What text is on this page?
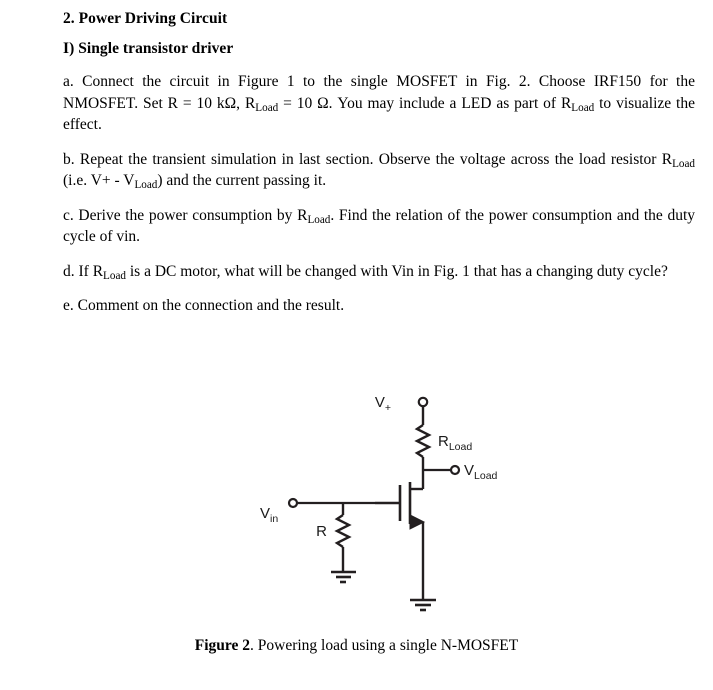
2. Power Driving Circuit
I) Single transistor driver

a. Connect the circuit in Figure 1 to the single MOSFET in Fig. 2. Choose IRF150 for the NMOSFET. Set R = 10 kΩ, $R_{Load} = 10$ Ω. You may include a LED as part of $R_{Load}$ to visualize the effect.

b. Repeat the transient simulation in last section. Observe the voltage across the load resistor $R_{Load}$ (i.e. $V+ - V_{Load}$) and the current passing it.

c. Derive the power consumption by $R_{Load}$. Find the relation of the power consumption and the duty cycle of vin.

d. If $R_{Load}$ is a DC motor, what will be changed with Vin in Fig. 1 that has a changing duty cycle?

e. Comment on the connection and the result.

$V_+$
$R_{Load}$
$V_{Load}$
$V_{in}$
R
Figure 2. Powering load using a single N-MOSFET
